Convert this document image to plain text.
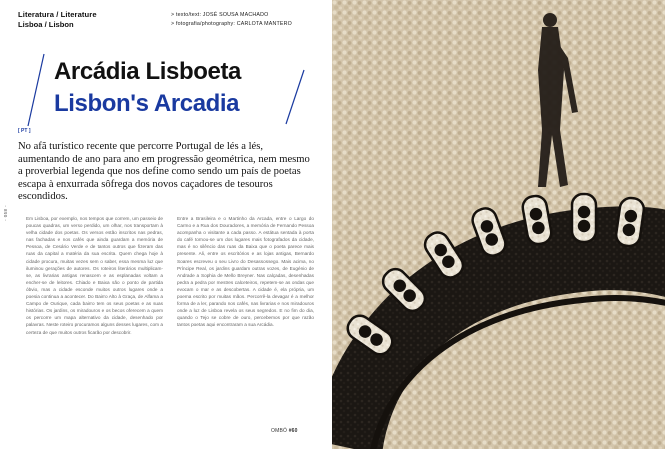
Literatura / Literature
Lisboa / Lisbon
> texto/text: JOSÉ SOUSA MACHADO
> fotografia/photography: CARLOTA MANTERO
Arcádia Lisboeta
Lisbon's Arcadia
[ PT ]
No afã turístico recente que percorre Portugal de lés a lés, aumentando de ano para ano em progressão geométrica, nem mesmo a proverbial legenda que nos define como sendo um país de poetas escapa à enxurrada sôfrega dos novos caçadores de tesouros escondidos.
- 058 -	Em Lisboa, por exemplo, nos tempos que correm, um passeio de poucas quadras, um verso perdido, um olhar, nos transportam à velha cidade dos poetas. Os versos estão inscritos nas pedras, nas fachadas e nos cafés que ainda guardam a memória de Pessoa, de Cesário Verde e de tantos outros que fizeram das ruas da capital a matéria da sua escrita. Quem chega hoje à cidade procura, muitas vezes sem o saber, essa mesma luz que iluminou gerações de autores. Os roteiros literários multiplicam-se, as livrarias antigas renascem e as esplanadas voltam a encher-se de leitores. Chiado e Baixa são o ponto de partida óbvio, mas a cidade esconde muitos outros lugares onde a poesia continua a acontecer. Do Bairro Alto à Graça, de Alfama a Campo de Ourique, cada bairro tem os seus poetas e as suas histórias. Os jardins, os miradouros e os becos oferecem a quem os percorre um mapa alternativo da cidade, desenhado por palavras. Neste roteiro procuramos alguns desses lugares, com a certeza de que muitos outros ficarão por descobrir.

Entre a Brasileira e o Martinho da Arcada, entre o Largo do Carmo e a Rua dos Douradores, a memória de Fernando Pessoa acompanha o visitante a cada passo. A estátua sentada à porta do café tornou-se um dos lugares mais fotografados da cidade, mas é no silêncio das ruas da Baixa que o poeta parece mais presente. Ali, entre os escritórios e as lojas antigas, Bernardo Soares escreveu o seu Livro do Desassossego. Mais acima, no Príncipe Real, os jardins guardam outras vozes, de Eugénio de Andrade a Sophia de Mello Breyner. Nas calçadas, desenhadas pedra a pedra por mestres calceteiros, repetem-se as ondas que evocam o mar e as descobertas. A cidade é, ela própria, um poema escrito por muitas mãos. Percorrê-la devagar é a melhor forma de a ler, parando nos cafés, nas livrarias e nos miradouros onde a luz de Lisboa revela os seus segredos. E no fim do dia, quando o Tejo se cobre de ouro, percebemos por que razão tantos poetas aqui encontraram a sua Arcádia.

OMBÓ #60
